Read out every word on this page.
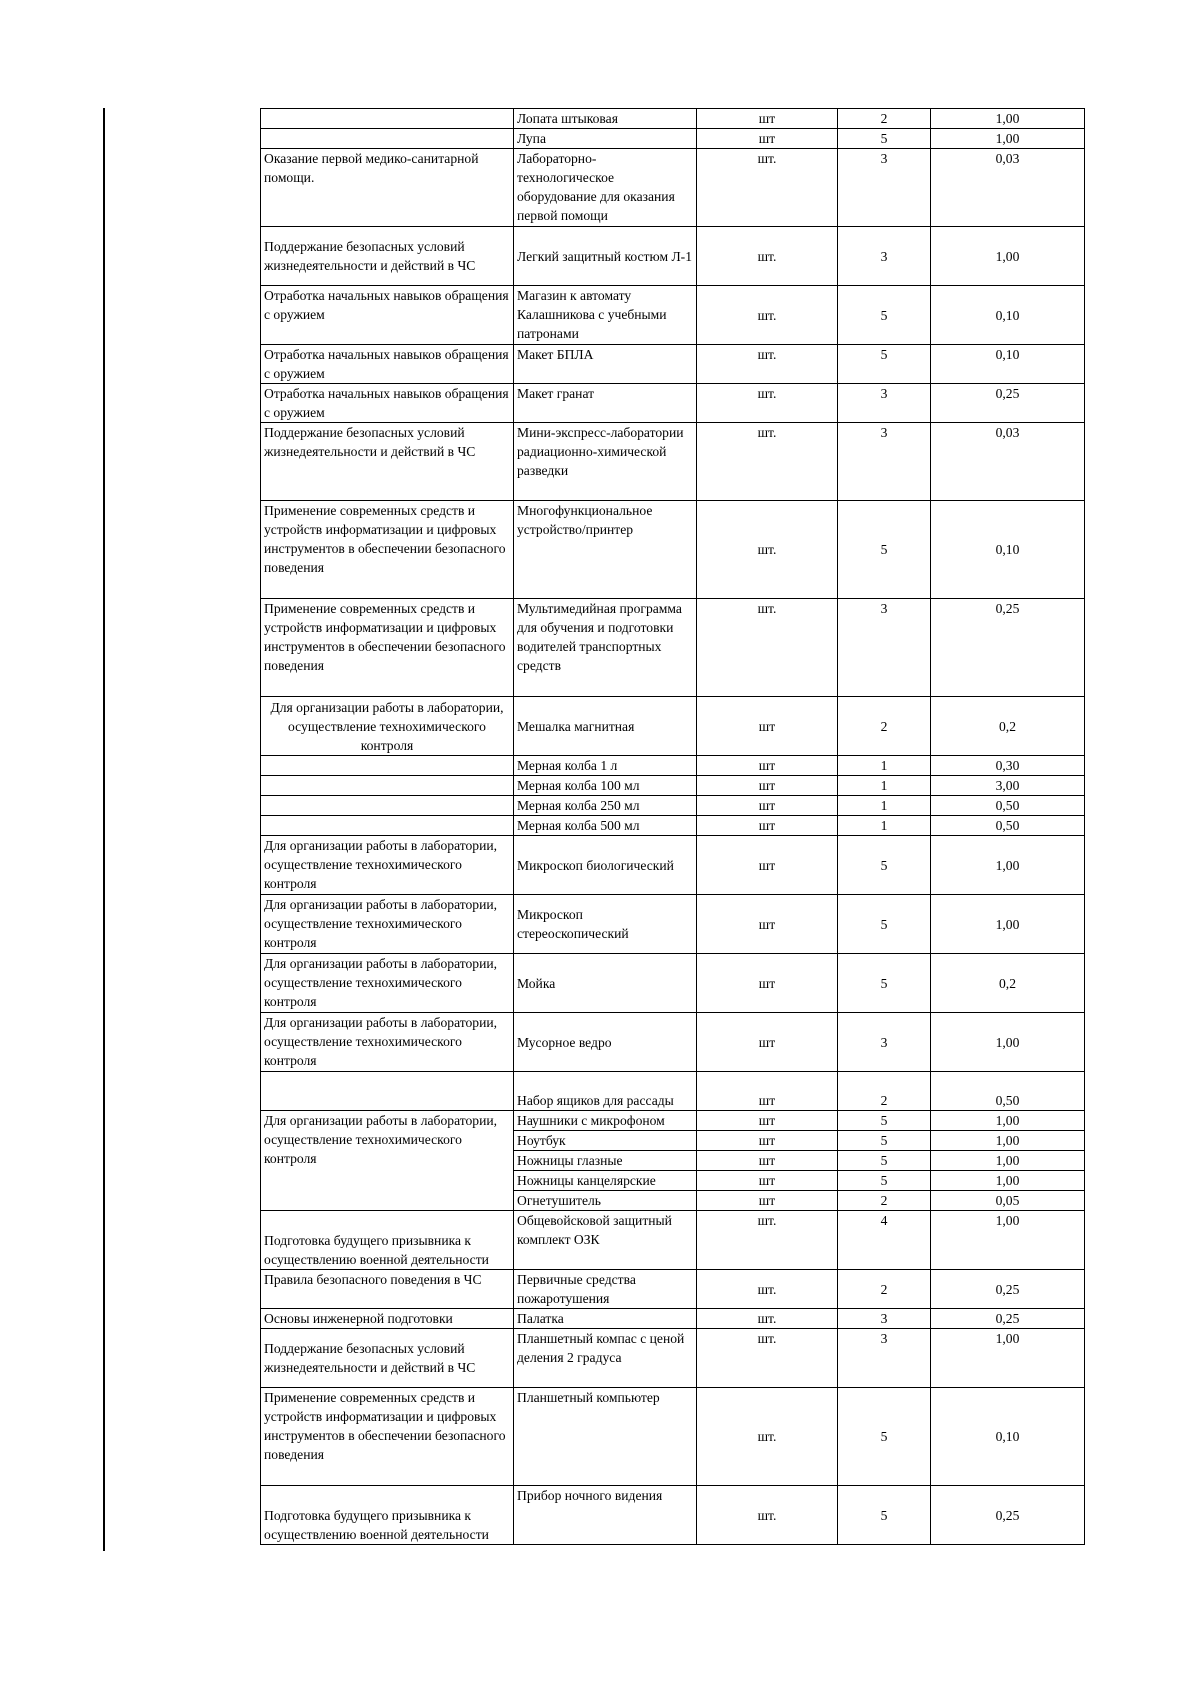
	Лопата штыковая	шт	2	1,00
	Лупа	шт	5	1,00
Оказание первой медико-санитарной помощи.	Лабораторно-технологическое оборудование для оказания первой помощи	шт.	3	0,03
Поддержание безопасных условий жизнедеятельности и действий в ЧС	Легкий защитный костюм Л-1	шт.	3	1,00
Отработка начальных навыков обращения с оружием	Магазин к автомату Калашникова с учебными патронами	шт.	5	0,10
Отработка начальных навыков обращения с оружием	Макет БПЛА	шт.	5	0,10
Отработка начальных навыков обращения с оружием	Макет гранат	шт.	3	0,25
Поддержание безопасных условий жизнедеятельности и действий в ЧС	Мини-экспресс-лаборатории радиационно-химической разведки	шт.	3	0,03
Применение современных средств и устройств информатизации и цифровых инструментов в обеспечении безопасного поведения	Многофункциональное устройство/принтер	шт.	5	0,10
Применение современных средств и устройств информатизации и цифровых инструментов в обеспечении безопасного поведения	Мультимедийная программа для обучения и подготовки водителей транспортных средств	шт.	3	0,25
Для организации работы в лаборатории, осуществление технохимического контроля	Мешалка магнитная	шт	2	0,2
	Мерная колба 1 л	шт	1	0,30
	Мерная колба 100 мл	шт	1	3,00
	Мерная колба 250 мл	шт	1	0,50
	Мерная колба 500 мл	шт	1	0,50
Для организации работы в лаборатории, осуществление технохимического контроля	Микроскоп биологический	шт	5	1,00
Для организации работы в лаборатории, осуществление технохимического контроля	Микроскоп стереоскопический	шт	5	1,00
Для организации работы в лаборатории, осуществление технохимического контроля	Мойка	шт	5	0,2
Для организации работы в лаборатории, осуществление технохимического контроля	Мусорное ведро	шт	3	1,00
	Набор ящиков для рассады	шт	2	0,50
Для организации работы в лаборатории, осуществление технохимического контроля	Наушники с микрофоном	шт	5	1,00
	Ноутбук	шт	5	1,00
	Ножницы глазные	шт	5	1,00
	Ножницы канцелярские	шт	5	1,00
	Огнетушитель	шт	2	0,05
Подготовка будущего призывника к осуществлению военной деятельности	Общевойсковой защитный комплект ОЗК	шт.	4	1,00
Правила безопасного поведения в ЧС	Первичные средства пожаротушения	шт.	2	0,25
Основы инженерной подготовки	Палатка	шт.	3	0,25
Поддержание безопасных условий жизнедеятельности и действий в ЧС	Планшетный компас с ценой деления 2 градуса	шт.	3	1,00
Применение современных средств и устройств информатизации и цифровых инструментов в обеспечении безопасного поведения	Планшетный компьютер	шт.	5	0,10
Подготовка будущего призывника к осуществлению военной деятельности	Прибор ночного видения	шт.	5	0,25
